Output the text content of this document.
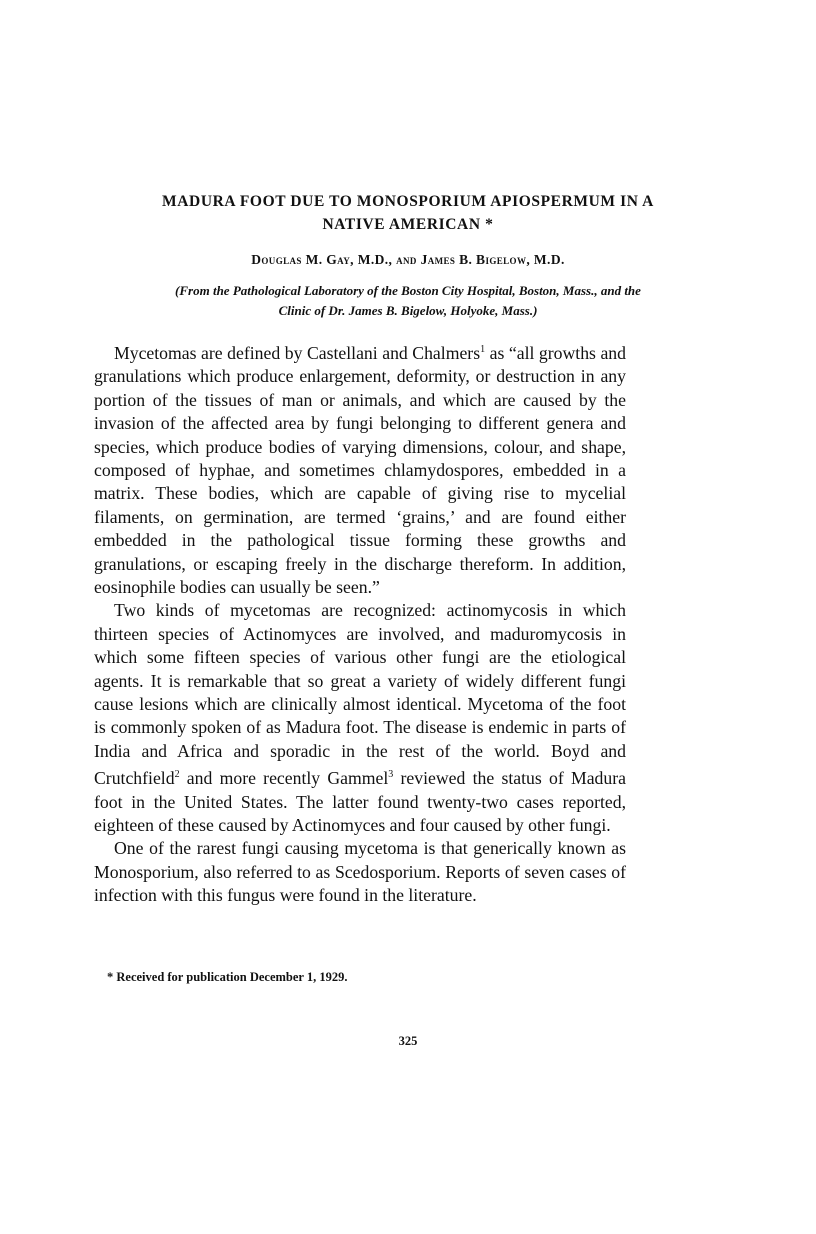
MADURA FOOT DUE TO MONOSPORIUM APIOSPERMUM IN A
NATIVE AMERICAN *
Douglas M. Gay, M.D., and James B. Bigelow, M.D.
(From the Pathological Laboratory of the Boston City Hospital, Boston, Mass., and the
Clinic of Dr. James B. Bigelow, Holyoke, Mass.)

Mycetomas are defined by Castellani and Chalmers$^1$ as “all growths and granulations which produce enlargement, deformity, or destruction in any portion of the tissues of man or animals, and which are caused by the invasion of the affected area by fungi belonging to different genera and species, which produce bodies of varying dimensions, colour, and shape, composed of hyphae, and sometimes chlamydospores, embedded in a matrix. These bodies, which are capable of giving rise to mycelial filaments, on germination, are termed ‘grains,’ and are found either embedded in the pathological tissue forming these growths and granulations, or escaping freely in the discharge thereform. In addition, eosinophile bodies can usually be seen.”

Two kinds of mycetomas are recognized: actinomycosis in which thirteen species of Actinomyces are involved, and maduromycosis in which some fifteen species of various other fungi are the etiological agents. It is remarkable that so great a variety of widely different fungi cause lesions which are clinically almost identical. Mycetoma of the foot is commonly spoken of as Madura foot. The disease is endemic in parts of India and Africa and sporadic in the rest of the world. Boyd and Crutchfield$^2$ and more recently Gammel$^3$ reviewed the status of Madura foot in the United States. The latter found twenty-two cases reported, eighteen of these caused by Actinomyces and four caused by other fungi.

One of the rarest fungi causing mycetoma is that generically known as Monosporium, also referred to as Scedosporium. Reports of seven cases of infection with this fungus were found in the literature.

* Received for publication December 1, 1929.
325
